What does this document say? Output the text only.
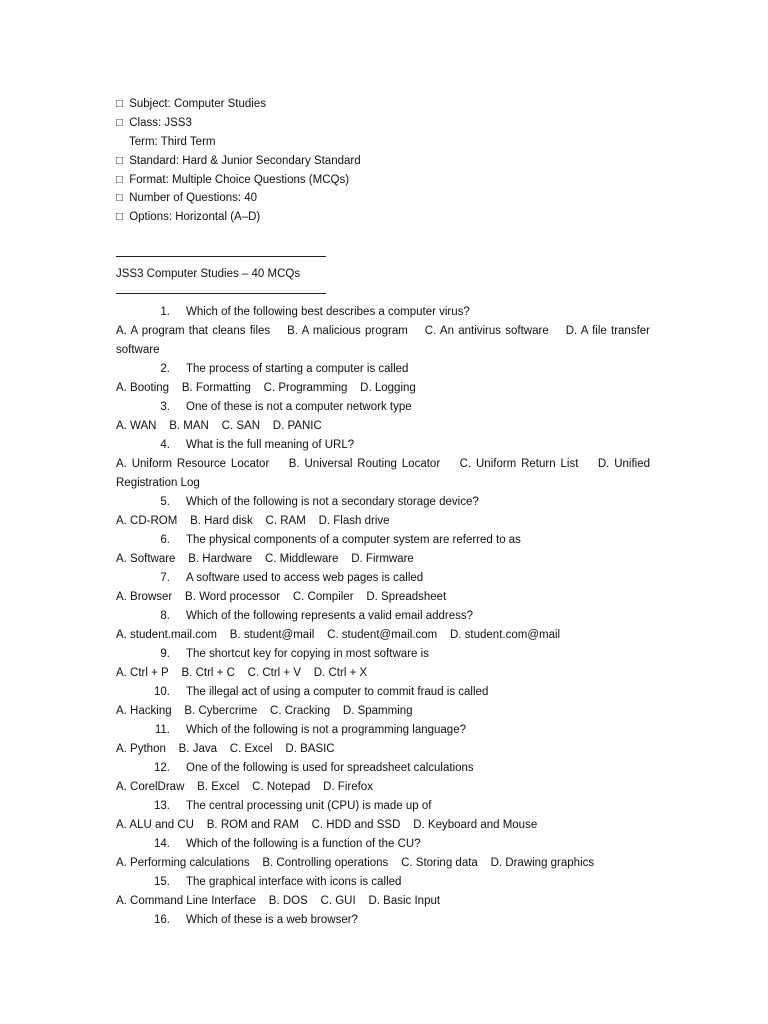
□ Subject: Computer Studies
□ Class: JSS3
Term: Third Term
□ Standard: Hard & Junior Secondary Standard
□ Format: Multiple Choice Questions (MCQs)
□ Number of Questions: 40
□ Options: Horizontal (A–D)
JSS3 Computer Studies – 40 MCQs
1. Which of the following best describes a computer virus?
A. A program that cleans files B. A malicious program C. An antivirus software D. A file transfer software
2. The process of starting a computer is called
A. Booting B. Formatting C. Programming D. Logging
3. One of these is not a computer network type
A. WAN B. MAN C. SAN D. PANIC
4. What is the full meaning of URL?
A. Uniform Resource Locator B. Universal Routing Locator C. Uniform Return List D. Unified Registration Log
5. Which of the following is not a secondary storage device?
A. CD-ROM B. Hard disk C. RAM D. Flash drive
6. The physical components of a computer system are referred to as
A. Software B. Hardware C. Middleware D. Firmware
7. A software used to access web pages is called
A. Browser B. Word processor C. Compiler D. Spreadsheet
8. Which of the following represents a valid email address?
A. student.mail.com B. student@mail C. student@mail.com D. student.com@mail
9. The shortcut key for copying in most software is
A. Ctrl + P B. Ctrl + C C. Ctrl + V D. Ctrl + X
10. The illegal act of using a computer to commit fraud is called
A. Hacking B. Cybercrime C. Cracking D. Spamming
11. Which of the following is not a programming language?
A. Python B. Java C. Excel D. BASIC
12. One of the following is used for spreadsheet calculations
A. CorelDraw B. Excel C. Notepad D. Firefox
13. The central processing unit (CPU) is made up of
A. ALU and CU B. ROM and RAM C. HDD and SSD D. Keyboard and Mouse
14. Which of the following is a function of the CU?
A. Performing calculations B. Controlling operations C. Storing data D. Drawing graphics
15. The graphical interface with icons is called
A. Command Line Interface B. DOS C. GUI D. Basic Input
16. Which of these is a web browser?
